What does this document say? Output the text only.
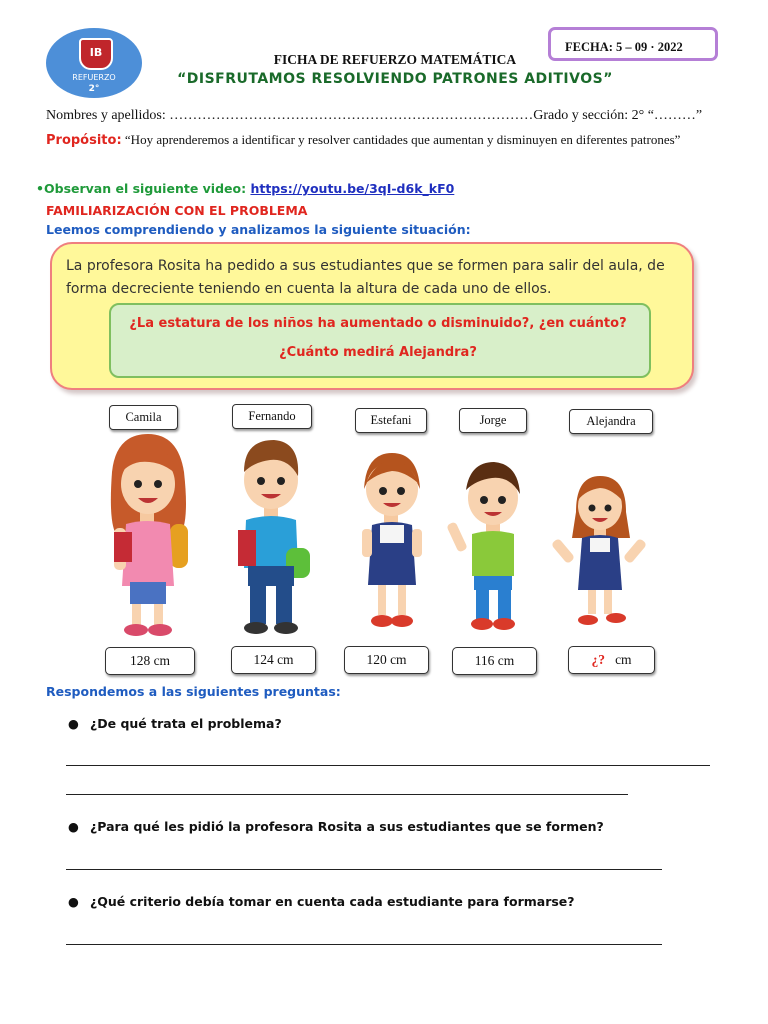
IB
REFUERZO
2°
FECHA: 5 – 09 · 2022
FICHA DE REFUERZO MATEMÁTICA
“DISFRUTAMOS RESOLVIENDO PATRONES ADITIVOS”
Nombres y apellidos: ……………………………………………………………………Grado y sección: 2° “………”
Propósito: “Hoy aprenderemos a identificar y resolver cantidades que aumentan y disminuyen en diferentes patrones”
•Observan el siguiente video: https://youtu.be/3qI-d6k_kF0
FAMILIARIZACIÓN CON EL PROBLEMA
Leemos comprendiendo y analizamos la siguiente situación:
La profesora Rosita ha pedido a sus estudiantes que se formen para salir del aula, de forma decreciente teniendo en cuenta la altura de cada uno de ellos.
¿La estatura de los niños ha aumentado o disminuido?, ¿en cuánto?
¿Cuánto medirá Alejandra?
Camila	Fernando	Estefani	Jorge	Alejandra
128 cm	124 cm	120 cm	116 cm	¿? cm
Respondemos a las siguientes preguntas:
● ¿De qué trata el problema?
● ¿Para qué les pidió la profesora Rosita a sus estudiantes que se formen?
● ¿Qué criterio debía tomar en cuenta cada estudiante para formarse?
